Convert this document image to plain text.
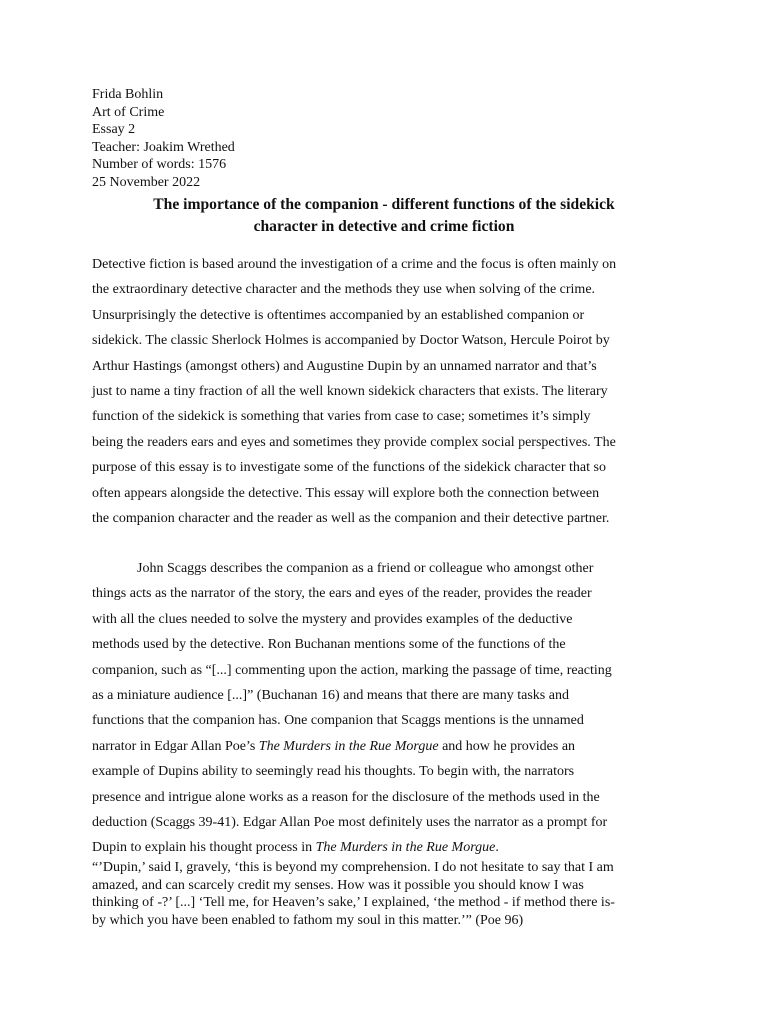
Frida Bohlin
Art of Crime
Essay 2
Teacher: Joakim Wrethed
Number of words: 1576
25 November 2022
The importance of the companion - different functions of the sidekick
character in detective and crime fiction
Detective fiction is based around the investigation of a crime and the focus is often mainly on
the extraordinary detective character and the methods they use when solving of the crime.
Unsurprisingly the detective is oftentimes accompanied by an established companion or
sidekick. The classic Sherlock Holmes is accompanied by Doctor Watson, Hercule Poirot by
Arthur Hastings (amongst others) and Augustine Dupin by an unnamed narrator and that’s
just to name a tiny fraction of all the well known sidekick characters that exists. The literary
function of the sidekick is something that varies from case to case; sometimes it’s simply
being the readers ears and eyes and sometimes they provide complex social perspectives. The
purpose of this essay is to investigate some of the functions of the sidekick character that so
often appears alongside the detective. This essay will explore both the connection between
the companion character and the reader as well as the companion and their detective partner.
John Scaggs describes the companion as a friend or colleague who amongst other
things acts as the narrator of the story, the ears and eyes of the reader, provides the reader
with all the clues needed to solve the mystery and provides examples of the deductive
methods used by the detective. Ron Buchanan mentions some of the functions of the
companion, such as “[...] commenting upon the action, marking the passage of time, reacting
as a miniature audience [...]” (Buchanan 16) and means that there are many tasks and
functions that the companion has. One companion that Scaggs mentions is the unnamed
narrator in Edgar Allan Poe’s The Murders in the Rue Morgue and how he provides an
example of Dupins ability to seemingly read his thoughts. To begin with, the narrators
presence and intrigue alone works as a reason for the disclosure of the methods used in the
deduction (Scaggs 39-41). Edgar Allan Poe most definitely uses the narrator as a prompt for
Dupin to explain his thought process in The Murders in the Rue Morgue.
“’Dupin,’ said I, gravely, ‘this is beyond my comprehension. I do not hesitate to say that I am
amazed, and can scarcely credit my senses. How was it possible you should know I was
thinking of -?’ [...] ‘Tell me, for Heaven’s sake,’ I explained, ‘the method - if method there is-
by which you have been enabled to fathom my soul in this matter.’” (Poe 96)
